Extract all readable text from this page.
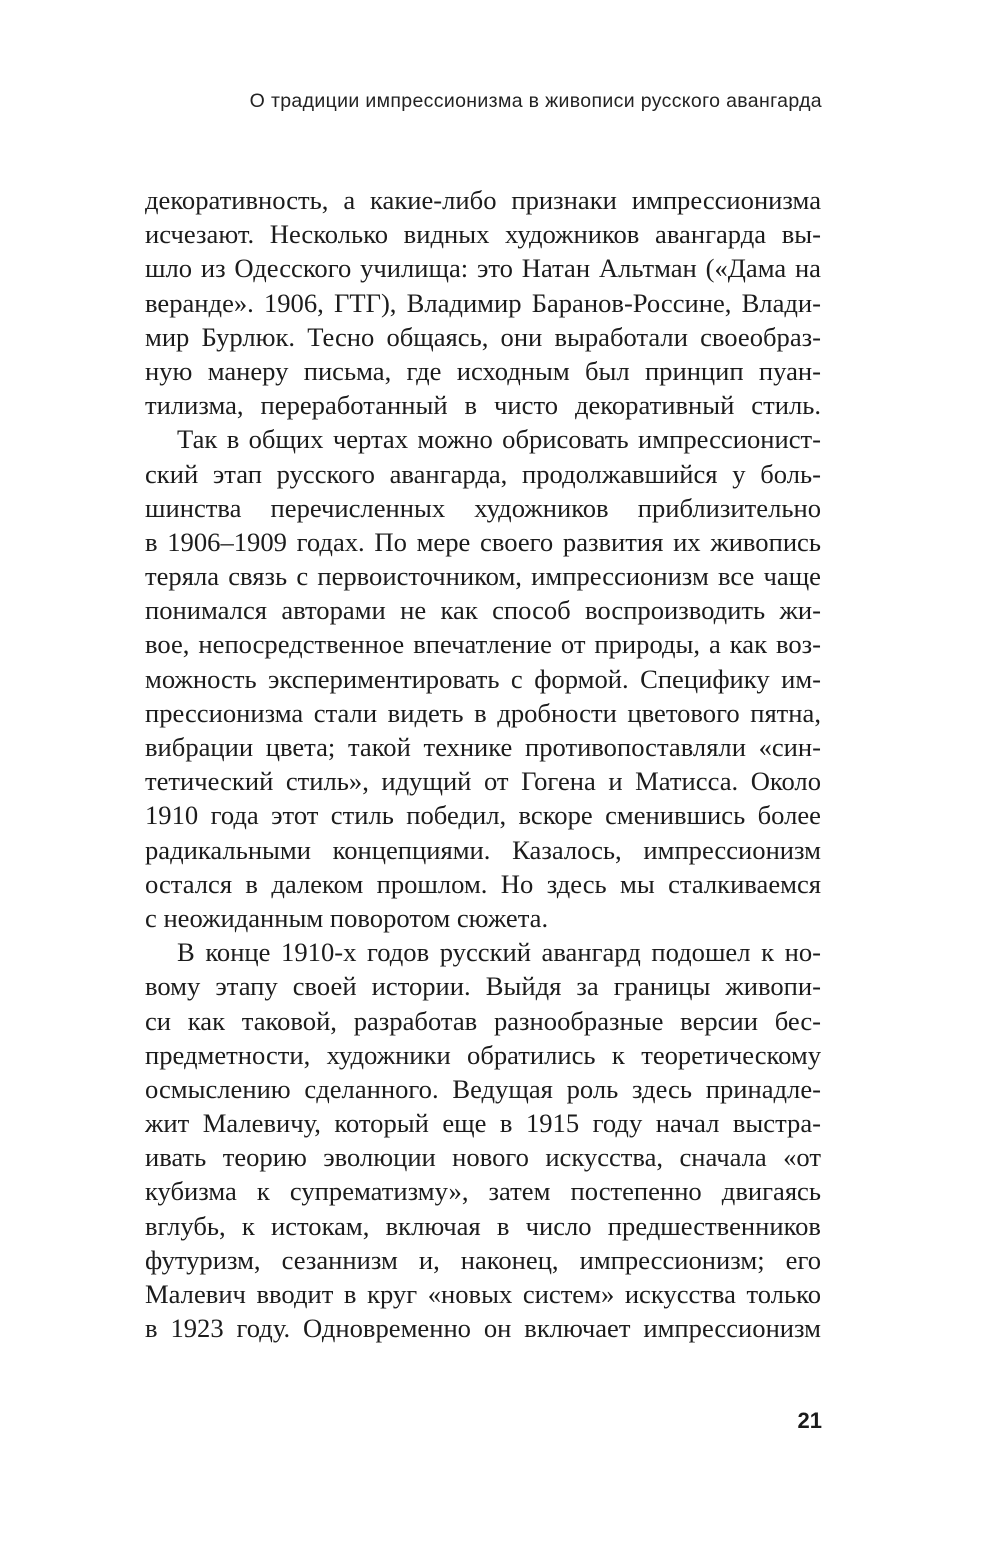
О традиции импрессионизма в живописи русского авангарда
декоративность, а какие-либо признаки импрессионизма
исчезают. Несколько видных художников авангарда вы-
шло из Одесского училища: это Натан Альтман («Дама на
веранде». 1906, ГТГ), Владимир Баранов-Россине, Влади-
мир Бурлюк. Тесно общаясь, они выработали своеобраз-
ную манеру письма, где исходным был принцип пуан-
тилизма, переработанный в чисто декоративный стиль.
Так в общих чертах можно обрисовать импрессионист-
ский этап русского авангарда, продолжавшийся у боль-
шинства перечисленных художников приблизительно
в 1906–1909 годах. По мере своего развития их живопись
теряла связь с первоисточником, импрессионизм все чаще
понимался авторами не как способ воспроизводить жи-
вое, непосредственное впечатление от природы, а как воз-
можность экспериментировать с формой. Специфику им-
прессионизма стали видеть в дробности цветового пятна,
вибрации цвета; такой технике противопоставляли «син-
тетический стиль», идущий от Гогена и Матисса. Около
1910 года этот стиль победил, вскоре сменившись более
радикальными концепциями. Казалось, импрессионизм
остался в далеком прошлом. Но здесь мы сталкиваемся
с неожиданным поворотом сюжета.
В конце 1910-х годов русский авангард подошел к но-
вому этапу своей истории. Выйдя за границы живопи-
си как таковой, разработав разнообразные версии бес-
предметности, художники обратились к теоретическому
осмыслению сделанного. Ведущая роль здесь принадле-
жит Малевичу, который еще в 1915 году начал выстра-
ивать теорию эволюции нового искусства, сначала «от
кубизма к супрематизму», затем постепенно двигаясь
вглубь, к истокам, включая в число предшественников
футуризм, сезаннизм и, наконец, импрессионизм; его
Малевич вводит в круг «новых систем» искусства только
в 1923 году. Одновременно он включает импрессионизм
21
